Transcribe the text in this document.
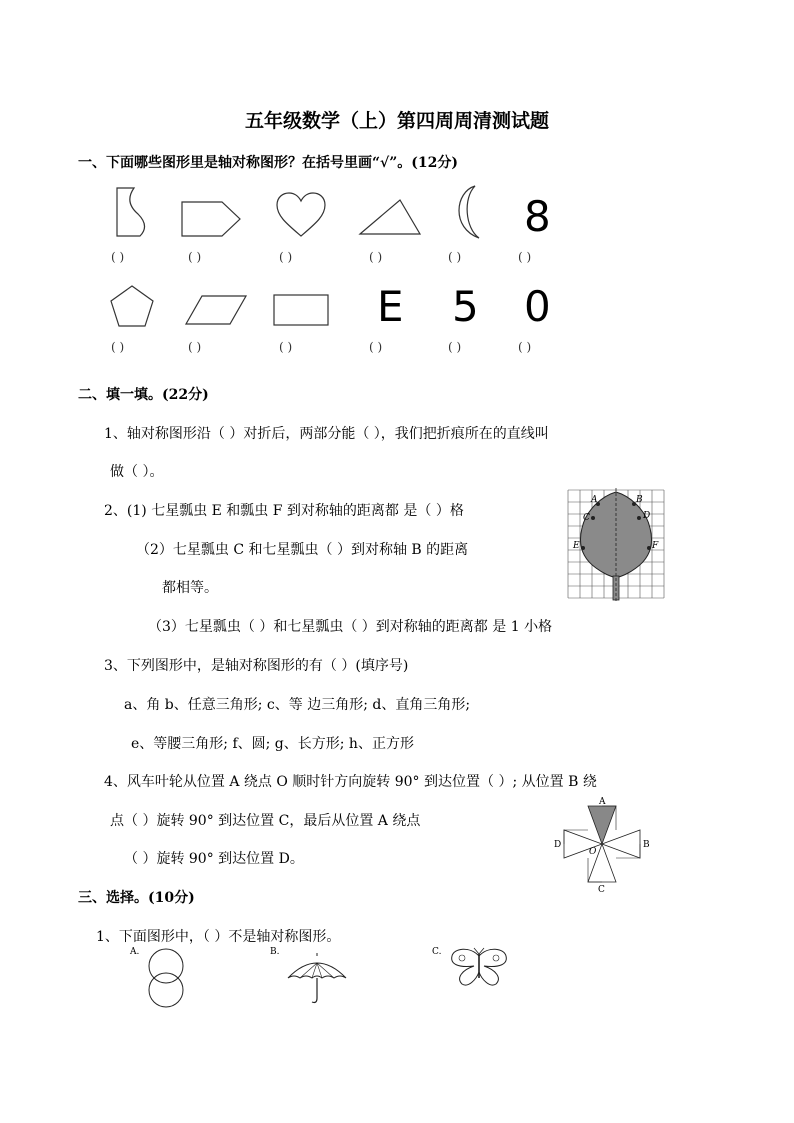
五年级数学（上）第四周周清测试题
一、下面哪些图形里是轴对称图形？在括号里画“√”。(12分)
8
( )	( )	( )	( )	( )	( )
E 5 0
( )	( )	( )	( )	( )	( )
二、填一填。(22分)
1、轴对称图形沿（ ）对折后，两部分能（ ），我们把折痕所在的直线叫
做（ ）。
2、(1) 七星瓢虫 E 和瓢虫 F 到对称轴的距离都 是（ ）格
（2）七星瓢虫 C 和七星瓢虫（ ）到对称轴 B 的距离
都相等。
（3）七星瓢虫（ ）和七星瓢虫（ ）到对称轴的距离都 是 1 小格
A	B
C	D
E	F
3、下列图形中，是轴对称图形的有（ ）(填序号)
a、角 b、任意三角形; c、等 边三角形; d、直角三角形;
e、等腰三角形; f、圆; g、长方形; h、正方形
4、风车叶轮从位置 A 绕点 O 顺时针方向旋转 90° 到达位置（ ）; 从位置 B 绕
点（ ）旋转 90° 到达位置 C，最后从位置 A 绕点
（ ）旋转 90° 到达位置 D。
A
B
C
D
O
三、选择。(10分)
1、下面图形中，（ ）不是轴对称图形。
A.	B.	C.
